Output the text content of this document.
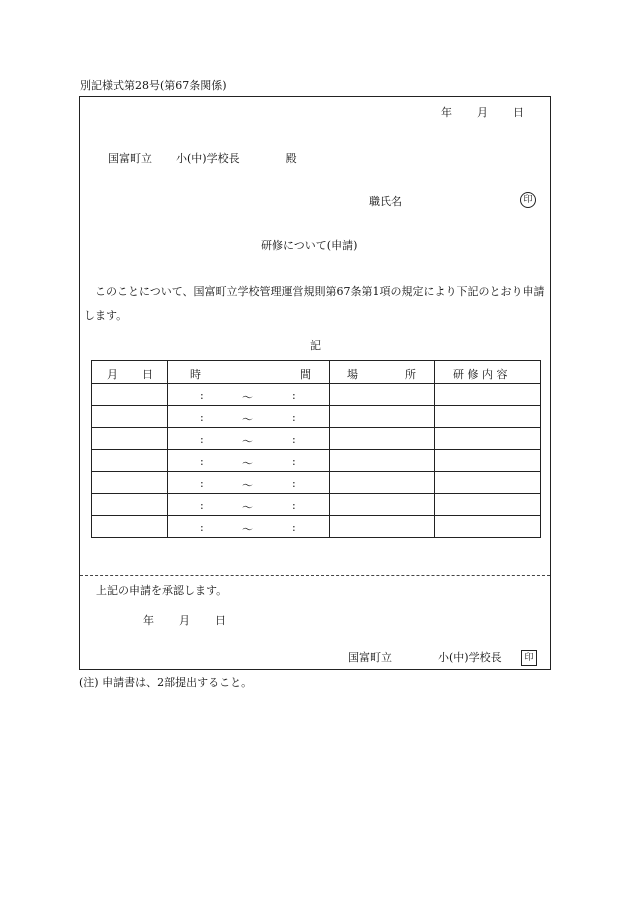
別記様式第28号(第67条関係)
年 月 日
国富町立 小(中)学校長	殿
職氏名	印
研修について(申請)
このことについて、国富町立学校管理運営規則第67条第1項の規定により下記のとおり申請します。
記
月 日	時 間	場 所	研 修 内 容

	: 〜 :		

	: 〜 :		

	: 〜 :		

	: 〜 :		

	: 〜 :		

	: 〜 :		

	: 〜 :		

上記の申請を承認します。
年 月 日
国富町立	小(中)学校長	印
(注) 申請書は、2部提出すること。
